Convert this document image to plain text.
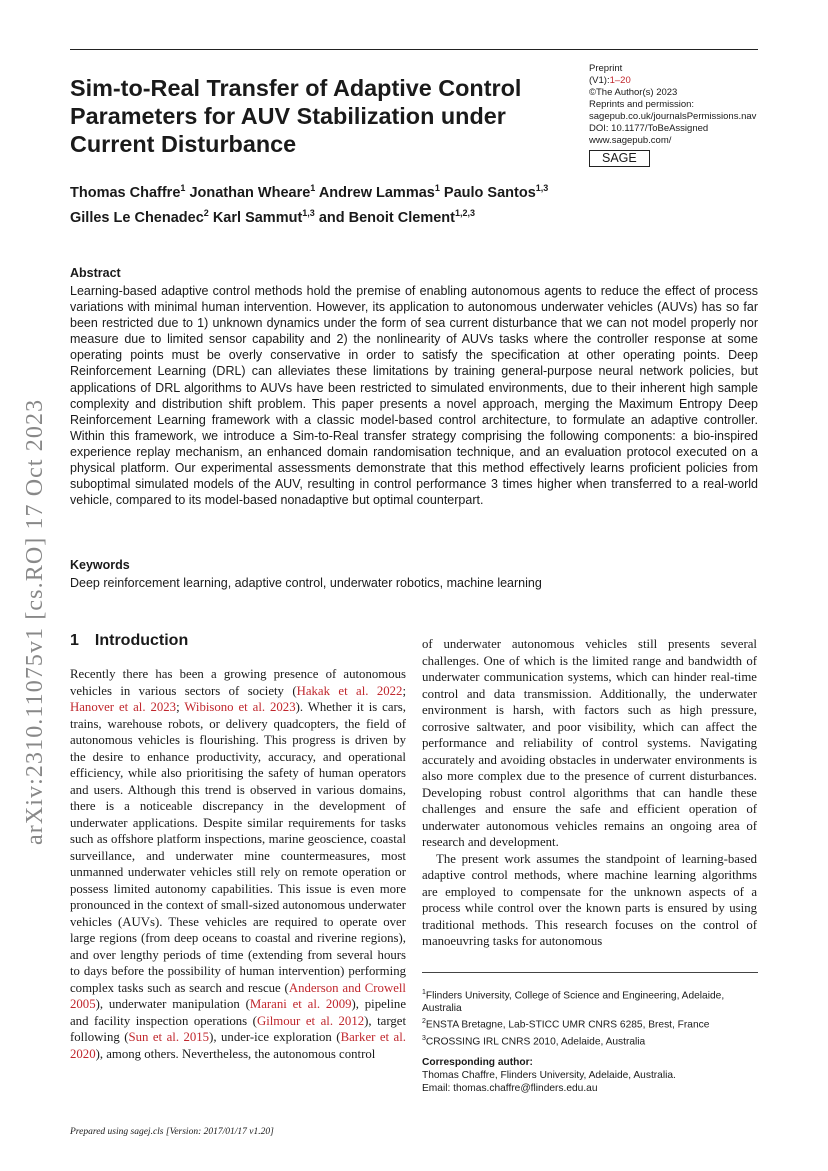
Sim-to-Real Transfer of Adaptive Control Parameters for AUV Stabilization under Current Disturbance
Preprint
(V1):1–20
©The Author(s) 2023
Reprints and permission:
sagepub.co.uk/journalsPermissions.nav
DOI: 10.1177/ToBeAssigned
www.sagepub.com/
SAGE
Thomas Chaffre$^1$ Jonathan Wheare$^1$ Andrew Lammas$^1$ Paulo Santos$^{1,3}$
Gilles Le Chenadec$^2$ Karl Sammut$^{1,3}$ and Benoit Clement$^{1,2,3}$
Abstract

Learning-based adaptive control methods hold the premise of enabling autonomous agents to reduce the effect of process variations with minimal human intervention. However, its application to autonomous underwater vehicles (AUVs) has so far been restricted due to 1) unknown dynamics under the form of sea current disturbance that we can not model properly nor measure due to limited sensor capability and 2) the nonlinearity of AUVs tasks where the controller response at some operating points must be overly conservative in order to satisfy the specification at other operating points. Deep Reinforcement Learning (DRL) can alleviates these limitations by training general-purpose neural network policies, but applications of DRL algorithms to AUVs have been restricted to simulated environments, due to their inherent high sample complexity and distribution shift problem. This paper presents a novel approach, merging the Maximum Entropy Deep Reinforcement Learning framework with a classic model-based control architecture, to formulate an adaptive controller. Within this framework, we introduce a Sim-to-Real transfer strategy comprising the following components: a bio-inspired experience replay mechanism, an enhanced domain randomisation technique, and an evaluation protocol executed on a physical platform. Our experimental assessments demonstrate that this method effectively learns proficient policies from suboptimal simulated models of the AUV, resulting in control performance 3 times higher when transferred to a real-world vehicle, compared to its model-based nonadaptive but optimal counterpart.

Keywords

Deep reinforcement learning, adaptive control, underwater robotics, machine learning

arXiv:2310.11075v1 [cs.RO] 17 Oct 2023 1 Introduction

Recently there has been a growing presence of autonomous vehicles in various sectors of society (Hakak et al. 2022; Hanover et al. 2023; Wibisono et al. 2023). Whether it is cars, trains, warehouse robots, or delivery quadcopters, the field of autonomous vehicles is flourishing. This progress is driven by the desire to enhance productivity, accuracy, and operational efficiency, while also prioritising the safety of human operators and users. Although this trend is observed in various domains, there is a noticeable discrepancy in the development of underwater applications. Despite similar requirements for tasks such as offshore platform inspections, marine geoscience, coastal surveillance, and underwater mine countermeasures, most unmanned underwater vehicles still rely on remote operation or possess limited autonomy capabilities. This issue is even more pronounced in the context of small-sized autonomous underwater vehicles (AUVs). These vehicles are required to operate over large regions (from deep oceans to coastal and riverine regions), and over lengthy periods of time (extending from several hours to days before the possibility of human intervention) performing complex tasks such as search and rescue (Anderson and Crowell 2005), underwater manipulation (Marani et al. 2009), pipeline and facility inspection operations (Gilmour et al. 2012), target following (Sun et al. 2015), under-ice exploration (Barker et al. 2020), among others. Nevertheless, the autonomous control

of underwater autonomous vehicles still presents several challenges. One of which is the limited range and bandwidth of underwater communication systems, which can hinder real-time control and data transmission. Additionally, the underwater environment is harsh, with factors such as high pressure, corrosive saltwater, and poor visibility, which can affect the performance and reliability of control systems. Navigating accurately and avoiding obstacles in underwater environments is also more complex due to the presence of current disturbances. Developing robust control algorithms that can handle these challenges and ensure the safe and efficient operation of underwater autonomous vehicles remains an ongoing area of research and development.

The present work assumes the standpoint of learning-based adaptive control methods, where machine learning algorithms are employed to compensate for the unknown aspects of a process while control over the known parts is ensured by using traditional methods. This research focuses on the control of manoeuvring tasks for autonomous

$^1$Flinders University, College of Science and Engineering, Adelaide, Australia

$^2$ENSTA Bretagne, Lab-STICC UMR CNRS 6285, Brest, France

$^3$CROSSING IRL CNRS 2010, Adelaide, Australia

Corresponding author:
Thomas Chaffre, Flinders University, Adelaide, Australia.
Email: thomas.chaffre@flinders.edu.au
Prepared using sagej.cls [Version: 2017/01/17 v1.20]
